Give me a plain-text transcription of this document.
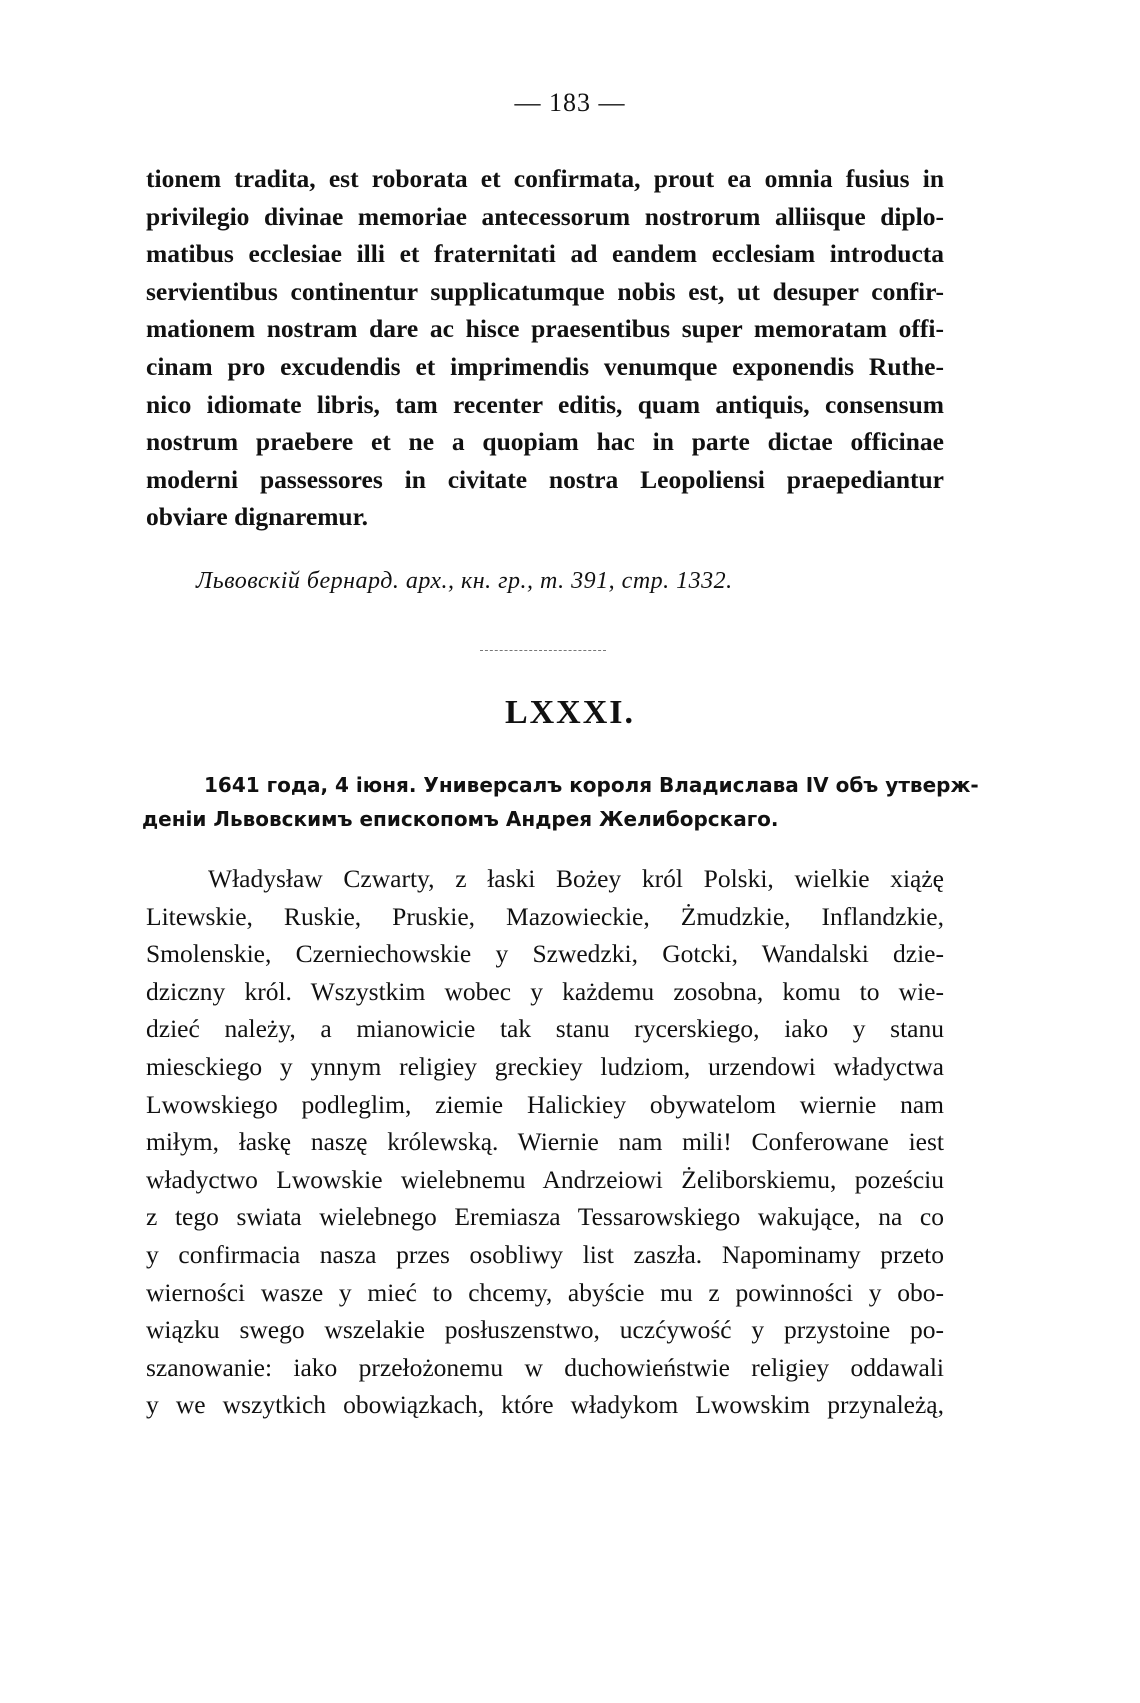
— 183 —
tionem tradita, est roborata et confirmata, prout ea omnia fusius in
privilegio divinae memoriae antecessorum nostrorum alliisque diplo-
matibus ecclesiae illi et fraternitati ad eandem ecclesiam introducta
servientibus continentur supplicatumque nobis est, ut desuper confir-
mationem nostram dare ac hisce praesentibus super memoratam offi-
cinam pro excudendis et imprimendis venumque exponendis Ruthe-
nico idiomate libris, tam recenter editis, quam antiquis, consensum
nostrum praebere et ne a quopiam hac in parte dictae officinae
moderni passessores in civitate nostra Leopoliensi praepediantur
obviare dignaremur.
Львовскій бернард. арх., кн. гр., т. 391, стр. 1332.
LXXXI.
1641 года, 4 іюня. Универсалъ короля Владислава IV объ утверж-
деніи Львовскимъ епископомъ Андрея Желиборскаго.
Władysław Czwarty, z łaski Bożey król Polski, wielkie xiążę
Litewskie, Ruskie, Pruskie, Mazowieckie, Żmudzkie, Inflandzkie,
Smolenskie, Czerniechowskie y Szwedzki, Gotcki, Wandalski dzie-
dziczny król. Wszystkim wobec y każdemu zosobna, komu to wie-
dzieć należy, a mianowicie tak stanu rycerskiego, iako y stanu
miesckiego y ynnym religiey greckiey ludziom, urzendowi władyctwa
Lwowskiego podleglim, ziemie Halickiey obywatelom wiernie nam
miłym, łaskę naszę królewską. Wiernie nam mili! Conferowane iest
władyctwo Lwowskie wielebnemu Andrzeiowi Żeliborskiemu, poześciu
z tego swiata wielebnego Eremiasza Tessarowskiego wakujące, na co
y confirmacia nasza przes osobliwy list zaszła. Napominamy przeto
wierności wasze y mieć to chcemy, abyście mu z powinności y obo-
wiązku swego wszelakie posłuszenstwo, uczćywość y przystoine po-
szanowanie: iako przełożonemu w duchowieństwie religiey oddawali
y we wszytkich obowiązkach, które władykom Lwowskim przynależą,
